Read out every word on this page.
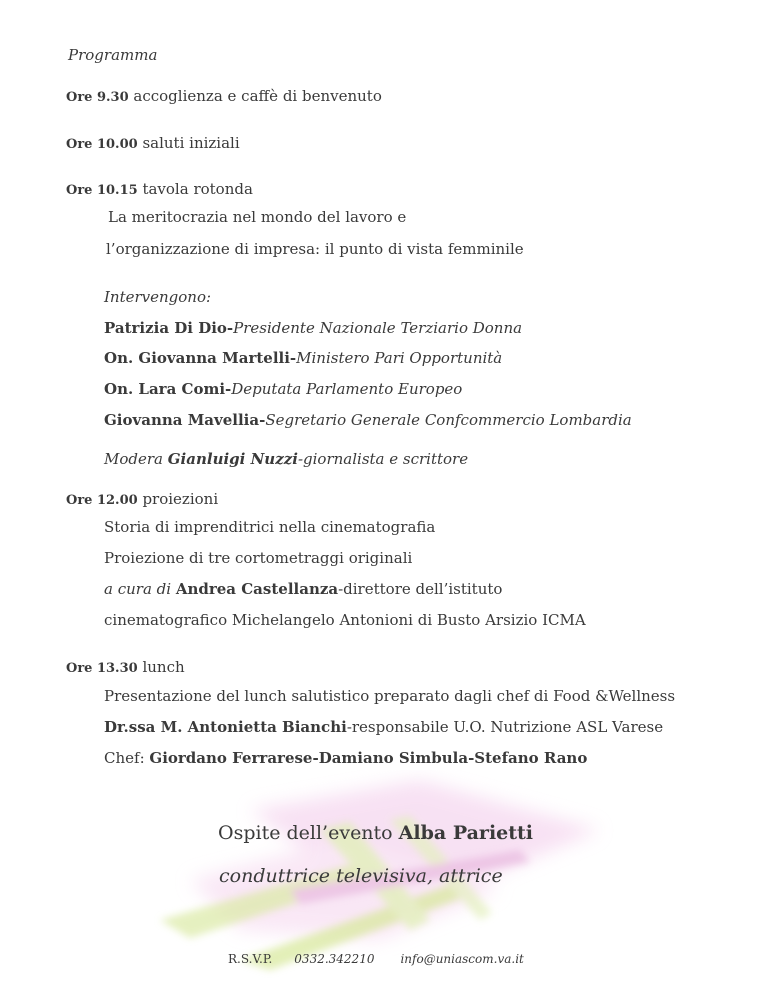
Programma
Ore 9.30 accoglienza e caffè di benvenuto
Ore 10.00 saluti iniziali
Ore 10.15 tavola rotonda
La meritocrazia nel mondo del lavoro e
l’organizzazione di impresa: il punto di vista femminile
Intervengono:
Patrizia Di Dio-Presidente Nazionale Terziario Donna
On. Giovanna Martelli-Ministero Pari Opportunità
On. Lara Comi-Deputata Parlamento Europeo
Giovanna Mavellia-Segretario Generale Confcommercio Lombardia
Modera Gianluigi Nuzzi-giornalista e scrittore
Ore 12.00 proiezioni
Storia di imprenditrici nella cinematografia
Proiezione di tre cortometraggi originali
a cura di Andrea Castellanza-direttore dell’istituto
cinematografico Michelangelo Antonioni di Busto Arsizio ICMA
Ore 13.30 lunch
Presentazione del lunch salutistico preparato dagli chef di Food &Wellness
Dr.ssa M. Antonietta Bianchi-responsabile U.O. Nutrizione ASL Varese
Chef: Giordano Ferrarese-Damiano Simbula-Stefano Rano
Ospite dell’evento Alba Parietti
conduttrice televisiva, attrice
R.S.V.P. 0332.342210 info@uniascom.va.it
